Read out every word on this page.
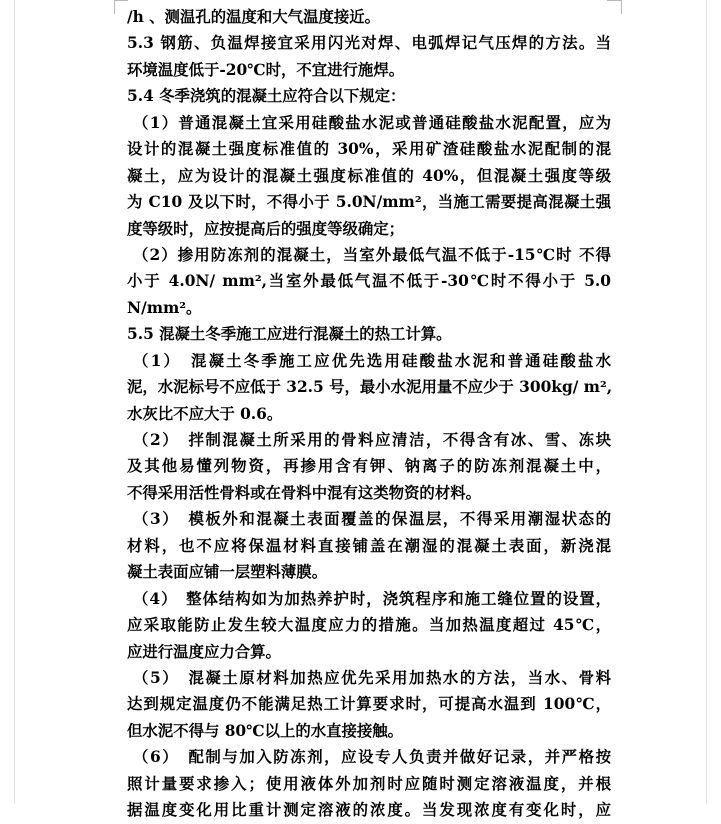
/h 、测温孔的温度和大气温度接近。
5.3 钢筋、负温焊接宜采用闪光对焊、电弧焊记气压焊的方法。当
环境温度低于-20℃时，不宜进行施焊。
5.4 冬季浇筑的混凝土应符合以下规定：
（1）普通混凝土宜采用硅酸盐水泥或普通硅酸盐水泥配置，应为
设计的混凝土强度标准值的 30%，采用矿渣硅酸盐水泥配制的混
凝土，应为设计的混凝土强度标准值的 40%，但混凝土强度等级
为 C10 及以下时，不得小于 5.0N/mm²，当施工需要提高混凝土强
度等级时，应按提高后的强度等级确定；
（2）掺用防冻剂的混凝土，当室外最低气温不低于-15℃时 不得
小于 4.0N/ mm²,当室外最低气温不低于-30℃时不得小于 5.0
N/mm²。
5.5 混凝土冬季施工应进行混凝土的热工计算。
（1）　混凝土冬季施工应优先选用硅酸盐水泥和普通硅酸盐水
泥，水泥标号不应低于 32.5 号，最小水泥用量不应少于 300kg/ m²,
水灰比不应大于 0.6。
（2）　拌制混凝土所采用的骨料应清洁，不得含有冰、雪、冻块
及其他易懂列物资，再掺用含有钾、钠离子的防冻剂混凝土中，
不得采用活性骨料或在骨料中混有这类物资的材料。
（3）　模板外和混凝土表面覆盖的保温层，不得采用潮湿状态的
材料，也不应将保温材料直接铺盖在潮湿的混凝土表面，新浇混
凝土表面应铺一层塑料薄膜。
（4）　整体结构如为加热养护时，浇筑程序和施工缝位置的设置，
应采取能防止发生较大温度应力的措施。当加热温度超过 45℃，
应进行温度应力合算。
（5）　混凝土原材料加热应优先采用加热水的方法，当水、骨料
达到规定温度仍不能满足热工计算要求时，可提高水温到 100℃，
但水泥不得与 80℃以上的水直接接触。
（6）　配制与加入防冻剂，应设专人负责并做好记录，并严格按
照计量要求掺入；使用液体外加剂时应随时测定溶液温度，并根
据温度变化用比重计测定溶液的浓度。当发现浓度有变化时，应
